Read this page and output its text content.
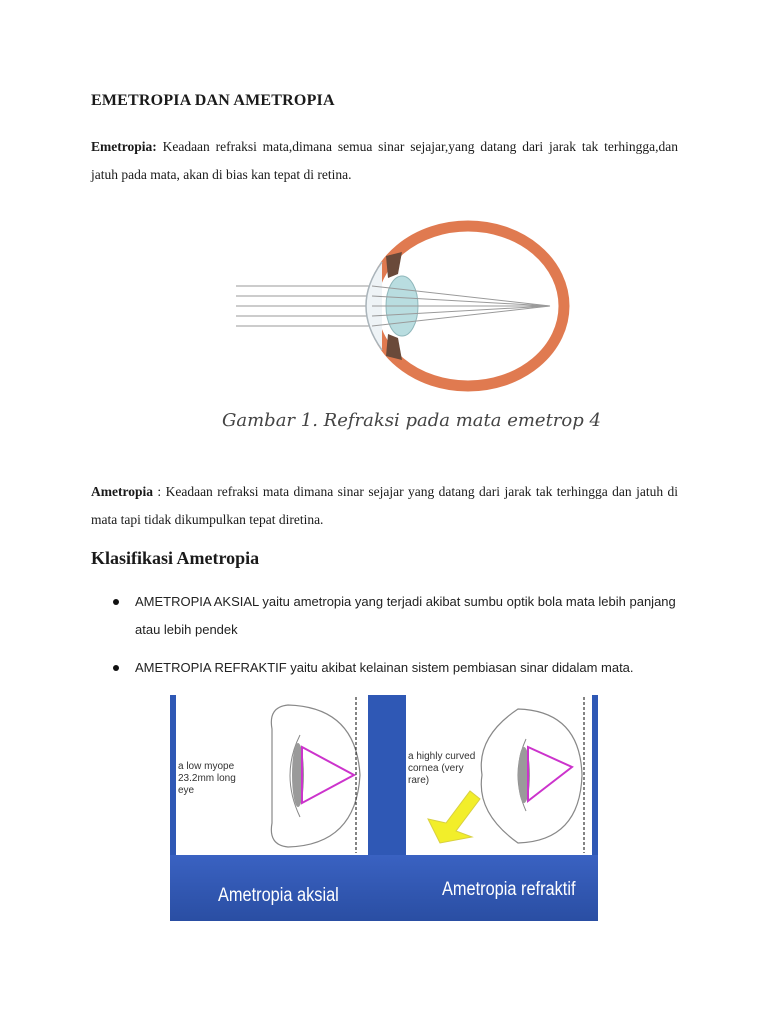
EMETROPIA DAN AMETROPIA
Emetropia: Keadaan refraksi mata,dimana semua sinar sejajar,yang datang dari jarak tak terhingga,dan jatuh pada mata, akan di bias kan tepat di retina.
Gambar 1. Refraksi pada mata emetrop 4
Ametropia : Keadaan refraksi mata dimana sinar sejajar yang datang dari jarak tak terhingga dan jatuh di mata tapi tidak dikumpulkan tepat diretina.
Klasifikasi Ametropia
AMETROPIA AKSIAL yaitu ametropia yang terjadi akibat sumbu optik bola mata lebih panjang atau lebih pendek
AMETROPIA REFRAKTIF yaitu akibat kelainan sistem pembiasan sinar didalam mata.
a low myope 23.2mm long eye
a highly curved cornea (very rare)
Ametropia aksial	Ametropia refraktif
